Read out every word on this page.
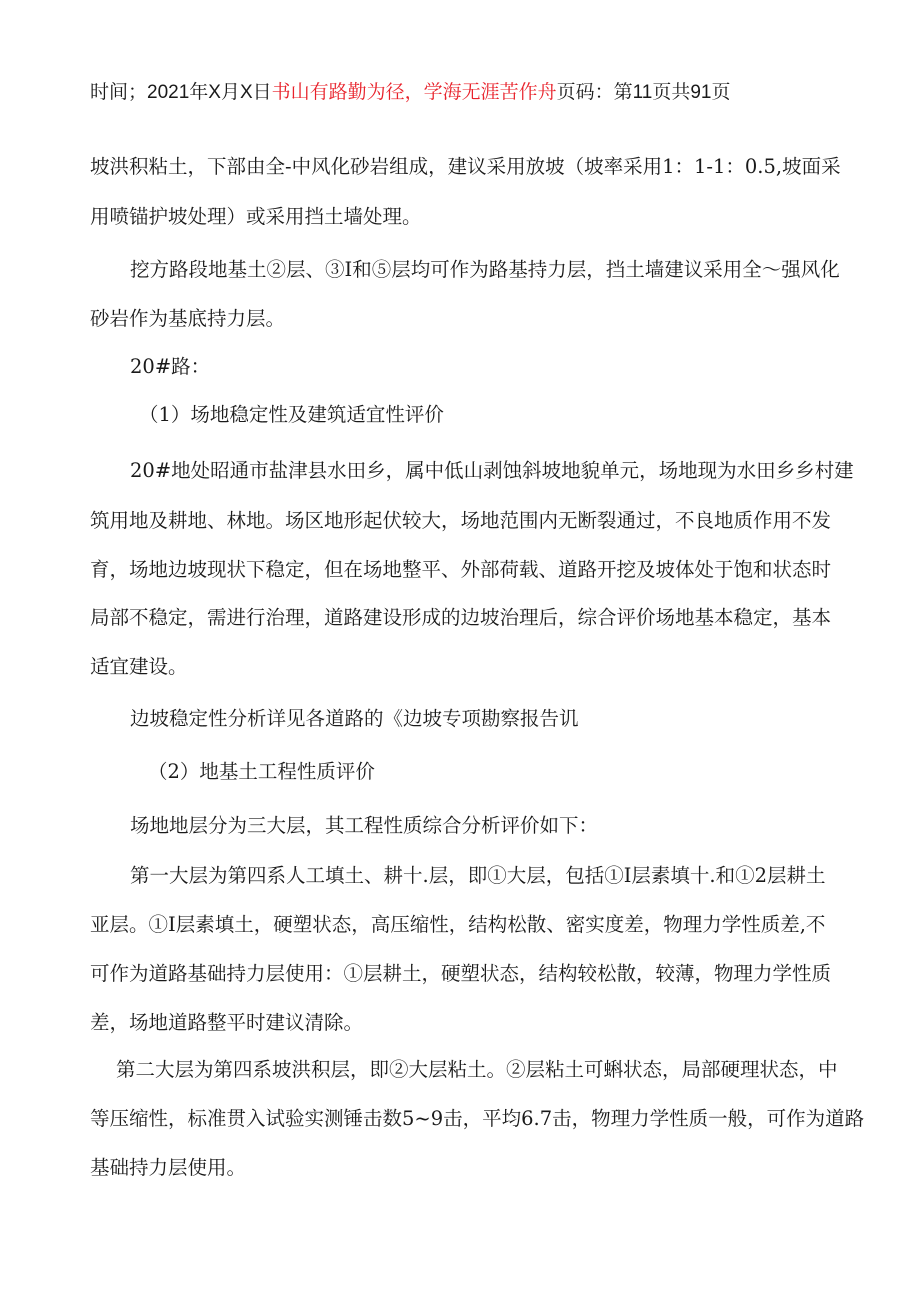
时间；2021年X月X日书山有路勤为径，学海无涯苦作舟页码：第11页共91页
坡洪积粘土，下部由全-中风化砂岩组成，建议采用放坡（坡率采用1：1-1：0.5,坡面采
用喷锚护坡处理）或采用挡土墙处理。
挖方路段地基土②层、③I和⑤层均可作为路基持力层，挡土墙建议采用全～强风化
砂岩作为基底持力层。
20#路：
（1）场地稳定性及建筑适宜性评价
20#地处昭通市盐津县水田乡，属中低山剥蚀斜坡地貌单元，场地现为水田乡乡村建
筑用地及耕地、林地。场区地形起伏较大，场地范围内无断裂通过，不良地质作用不发
育，场地边坡现状下稳定，但在场地整平、外部荷载、道路开挖及坡体处于饱和状态时
局部不稳定，需进行治理，道路建设形成的边坡治理后，综合评价场地基本稳定，基本
适宜建设。
边坡稳定性分析详见各道路的《边坡专项勘察报告讥
（2）地基土工程性质评价
场地地层分为三大层，其工程性质综合分析评价如下：
第一大层为第四系人工填土、耕十.层，即①大层，包括①I层素填十.和①2层耕土
亚层。①I层素填土，硬塑状态，高压缩性，结构松散、密实度差，物理力学性质差,不
可作为道路基础持力层使用：①层耕土，硬塑状态，结构较松散，较薄，物理力学性质
差，场地道路整平时建议清除。
第二大层为第四系坡洪积层，即②大层粘土。②层粘土可蝌状态，局部硬理状态，中
等压缩性，标准贯入试验实测锤击数5~9击，平均6.7击，物理力学性质一般，可作为道路
基础持力层使用。
